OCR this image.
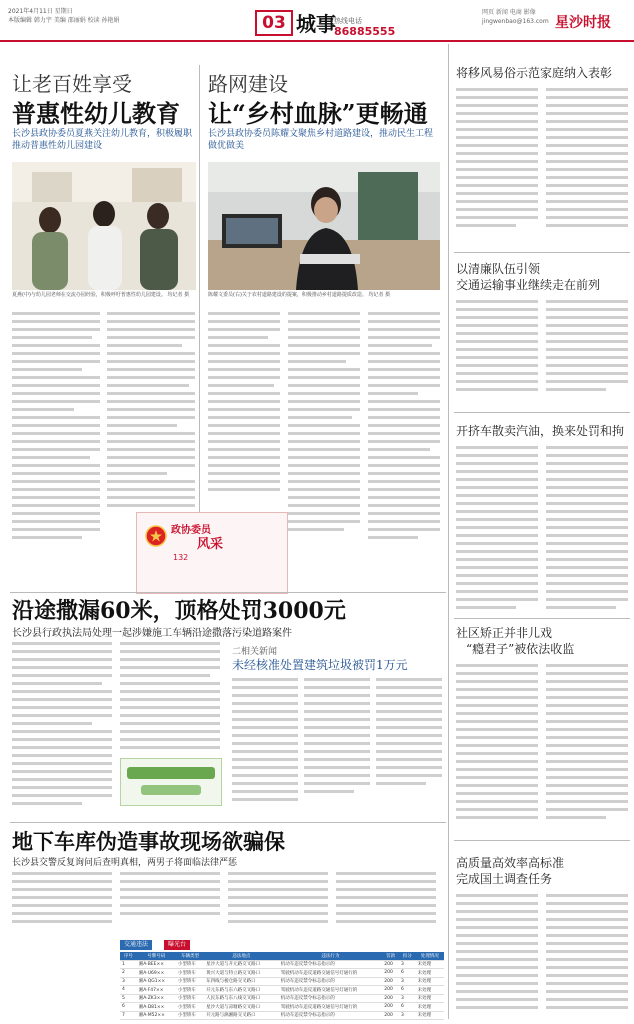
2021年4月11日 星期日
本版编辑 韩力宇 美编 邵丽娟 校读 孙艳娟	03 城事
热线电话
86885555
网页 新闻 电商 影像
jingwenbao@163.com 星沙时报
让老百姓享受
普惠性幼儿教育
长沙县政协委员夏燕关注幼儿教育，积极履职推动普惠性幼儿园建设
夏燕(中)与幼儿园老师在交流办园经验，积极呼吁普惠性幼儿园建设。 均记者 摄
路网建设
让“乡村血脉”更畅通
长沙县政协委员陈耀文聚焦乡村道路建设，推动民生工程做优做美
陈耀文委员(右)关于农村道路建设的提案，积极推动乡村道路提质改造。 均记者 摄
政协委员
风采
132
沿途撒漏60米，顶格处罚3000元
长沙县行政执法局处理一起涉嫌施工车辆沿途撒落污染道路案件
二相关新闻
未经核准处置建筑垃圾被罚1万元
地下车库伪造事故现场欲骗保
长沙县交警反复询问后查明真相，两男子将面临法律严惩
交通违法	曝光台
序号	号牌号码	车辆类型	违法地点	违法行为	罚款	扣分	处理情况
1	湘A·BEE××	小型轿车	星沙大道与开元路交叉路口	机动车违反禁令标志指示的	200	3	未处理
2	湘A·U69××	小型轿车	黄兴大道与特立路交叉路口	驾驶机动车违反道路交通信号灯通行的	200	6	未处理
3	湘A·QG1××	小型轿车	东四线与板仓路交叉路口	机动车违反禁令标志指示的	200	3	未处理
4	湘A·F47××	小型轿车	开元东路与东六路交叉路口	驾驶机动车违反道路交通信号灯通行的	200	6	未处理
5	湘A·ZK3××	小型轿车	人民东路与东八线交叉路口	机动车违反禁令标志指示的	200	3	未处理
6	湘A·D81××	小型轿车	星沙大道与凉塘路交叉路口	驾驶机动车违反道路交通信号灯通行的	200	6	未处理
7	湘A·M52××	小型轿车	开元路与漓湘路交叉路口	机动车违反禁令标志指示的	200	3	未处理
将移风易俗示范家庭纳入表彰
以清廉队伍引领
交通运输事业继续走在前列
开挤车散卖汽油，换来处罚和拘
社区矫正并非儿戏
“瘾君子”被依法收监
高质量高效率高标准
完成国土调查任务
